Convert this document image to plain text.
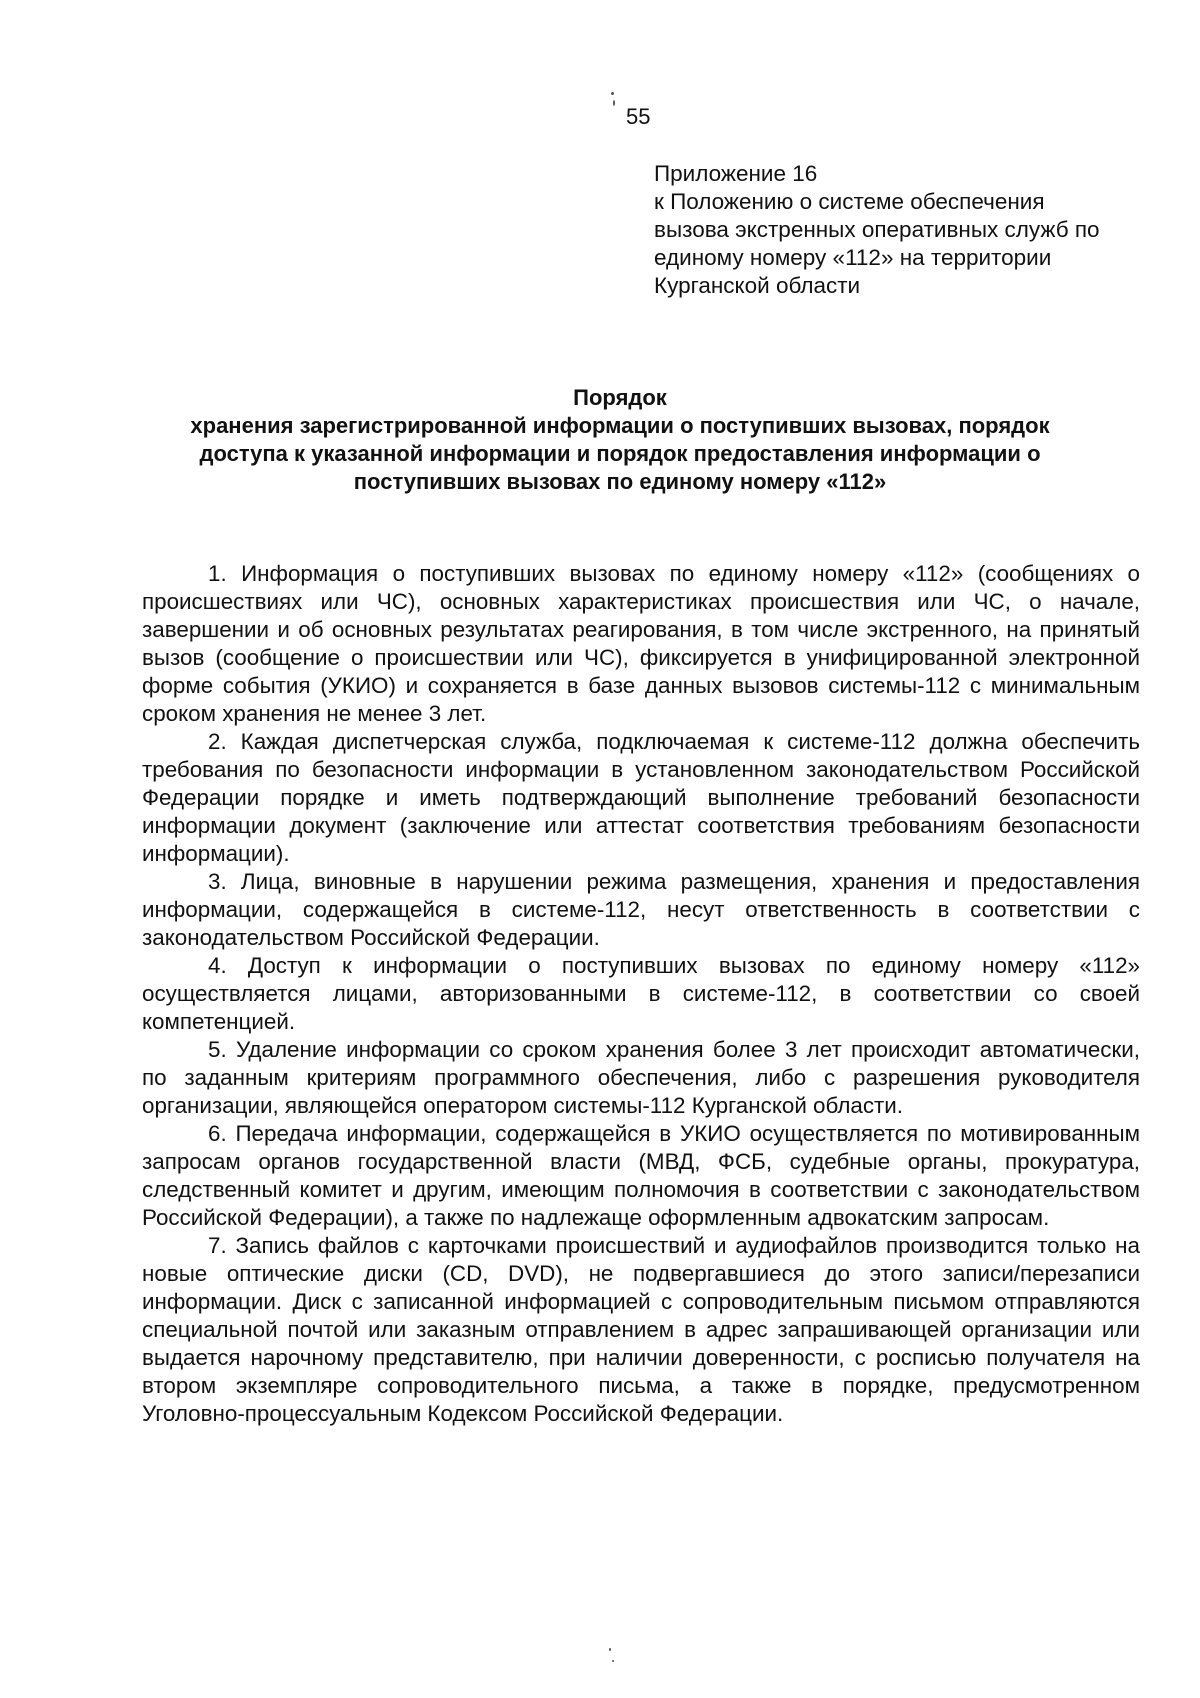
55
Приложение 16
к Положению о системе обеспечения
вызова экстренных оперативных служб по
единому номеру «112» на территории
Курганской области
Порядок
хранения зарегистрированной информации о поступивших вызовах, порядок
доступа к указанной информации и порядок предоставления информации о
поступивших вызовах по единому номеру «112»

1. Информация о поступивших вызовах по единому номеру «112» (сообщениях о происшествиях или ЧС), основных характеристиках происшествия или ЧС, о начале, завершении и об основных результатах реагирования, в том числе экстренного, на принятый вызов (сообщение о происшествии или ЧС), фиксируется в унифицированной электронной форме события (УКИО) и сохраняется в базе данных вызовов системы-112 с минимальным сроком хранения не менее 3 лет.

2. Каждая диспетчерская служба, подключаемая к системе-112 должна обеспечить требования по безопасности информации в установленном законодательством Российской Федерации порядке и иметь подтверждающий выполнение требований безопасности информации документ (заключение или аттестат соответствия требованиям безопасности информации).

3. Лица, виновные в нарушении режима размещения, хранения и предоставления информации, содержащейся в системе-112, несут ответственность в соответствии с законодательством Российской Федерации.

4. Доступ к информации о поступивших вызовах по единому номеру «112» осуществляется лицами, авторизованными в системе-112, в соответствии со своей компетенцией.

5. Удаление информации со сроком хранения более 3 лет происходит автоматически, по заданным критериям программного обеспечения, либо с разрешения руководителя организации, являющейся оператором системы-112 Курганской области.

6. Передача информации, содержащейся в УКИО осуществляется по мотивированным запросам органов государственной власти (МВД, ФСБ, судебные органы, прокуратура, следственный комитет и другим, имеющим полномочия в соответствии с законодательством Российской Федерации), а также по надлежаще оформленным адвокатским запросам.

7. Запись файлов с карточками происшествий и аудиофайлов производится только на новые оптические диски (CD, DVD), не подвергавшиеся до этого записи/перезаписи информации. Диск с записанной информацией с сопроводительным письмом отправляются специальной почтой или заказным отправлением в адрес запрашивающей организации или выдается нарочному представителю, при наличии доверенности, с росписью получателя на втором экземпляре сопроводительного письма, а также в порядке, предусмотренном Уголовно-процессуальным Кодексом Российской Федерации.
